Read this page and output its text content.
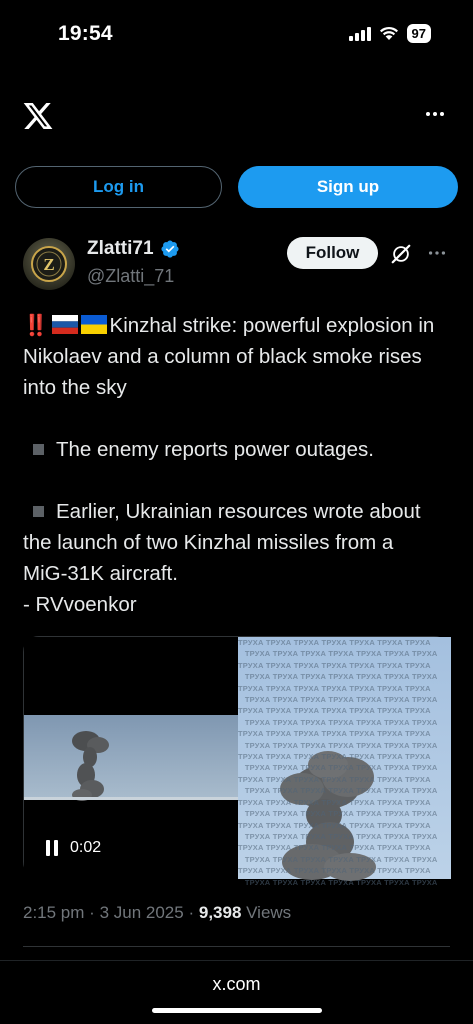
19:54	97
Log in	Sign up
Z
Zlatti71
@Zlatti_71
Follow

‼️	Kinzhal strike: powerful explosion in Nikolaev and a column of black smoke rises into the sky

The enemy reports power outages.

Earlier, Ukrainian resources wrote about the launch of two Kinzhal missiles from a MiG-31K aircraft.
- RVvoenkor

ТРУХА ТРУХА ТРУХА ТРУХА ТРУХА ТРУХА ТРУХА
ТРУХА ТРУХА ТРУХА ТРУХА ТРУХА ТРУХА ТРУХА
ТРУХА ТРУХА ТРУХА ТРУХА ТРУХА ТРУХА ТРУХА
ТРУХА ТРУХА ТРУХА ТРУХА ТРУХА ТРУХА ТРУХА
ТРУХА ТРУХА ТРУХА ТРУХА ТРУХА ТРУХА ТРУХА
ТРУХА ТРУХА ТРУХА ТРУХА ТРУХА ТРУХА ТРУХА
ТРУХА ТРУХА ТРУХА ТРУХА ТРУХА ТРУХА ТРУХА
ТРУХА ТРУХА ТРУХА ТРУХА ТРУХА ТРУХА ТРУХА
ТРУХА ТРУХА ТРУХА ТРУХА ТРУХА ТРУХА ТРУХА
ТРУХА ТРУХА ТРУХА ТРУХА ТРУХА ТРУХА ТРУХА
ТРУХА ТРУХА ТРУХА ТРУХА ТРУХА ТРУХА ТРУХА
ТРУХА ТРУХА ТРУХА ТРУХА ТРУХА ТРУХА ТРУХА
ТРУХА ТРУХА ТРУХА ТРУХА ТРУХА ТРУХА ТРУХА
ТРУХА ТРУХА ТРУХА ТРУХА ТРУХА ТРУХА ТРУХА
ТРУХА ТРУХА ТРУХА ТРУХА ТРУХА ТРУХА ТРУХА
ТРУХА ТРУХА ТРУХА ТРУХА ТРУХА ТРУХА ТРУХА
ТРУХА ТРУХА ТРУХА ТРУХА ТРУХА ТРУХА ТРУХА
ТРУХА ТРУХА ТРУХА ТРУХА ТРУХА ТРУХА ТРУХА
ТРУХА ТРУХА ТРУХА ТРУХА ТРУХА ТРУХА ТРУХА
ТРУХА ТРУХА ТРУХА ТРУХА ТРУХА ТРУХА ТРУХА
ТРУХА ТРУХА ТРУХА ТРУХА ТРУХА ТРУХА ТРУХА
ТРУХА ТРУХА ТРУХА ТРУХА ТРУХА ТРУХА ТРУХА

0:02
2:15 pm · 3 Jun 2025 · 9,398 Views
x.com
